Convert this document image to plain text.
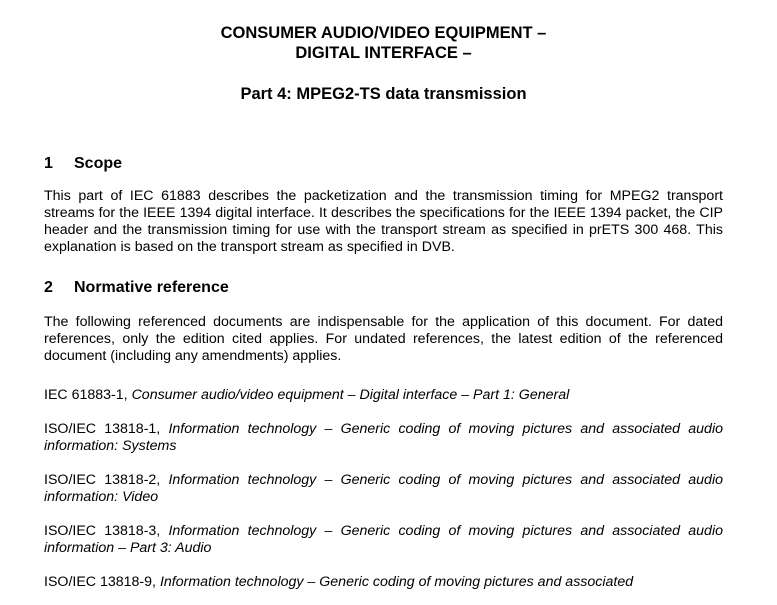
CONSUMER AUDIO/VIDEO EQUIPMENT –
DIGITAL INTERFACE –
Part 4: MPEG2-TS data transmission
1	Scope

This part of IEC 61883 describes the packetization and the transmission timing for MPEG2 transport streams for the IEEE 1394 digital interface. It describes the specifications for the IEEE 1394 packet, the CIP header and the transmission timing for use with the transport stream as specified in prETS 300 468. This explanation is based on the transport stream as specified in DVB.

2	Normative reference

The following referenced documents are indispensable for the application of this document. For dated references, only the edition cited applies. For undated references, the latest edition of the referenced document (including any amendments) applies.

IEC 61883-1, Consumer audio/video equipment – Digital interface – Part 1: General

ISO/IEC 13818-1, Information technology – Generic coding of moving pictures and associated audio information: Systems

ISO/IEC 13818-2, Information technology – Generic coding of moving pictures and associated audio information: Video

ISO/IEC 13818-3, Information technology – Generic coding of moving pictures and associated audio information – Part 3: Audio

ISO/IEC 13818-9, Information technology – Generic coding of moving pictures and associated
